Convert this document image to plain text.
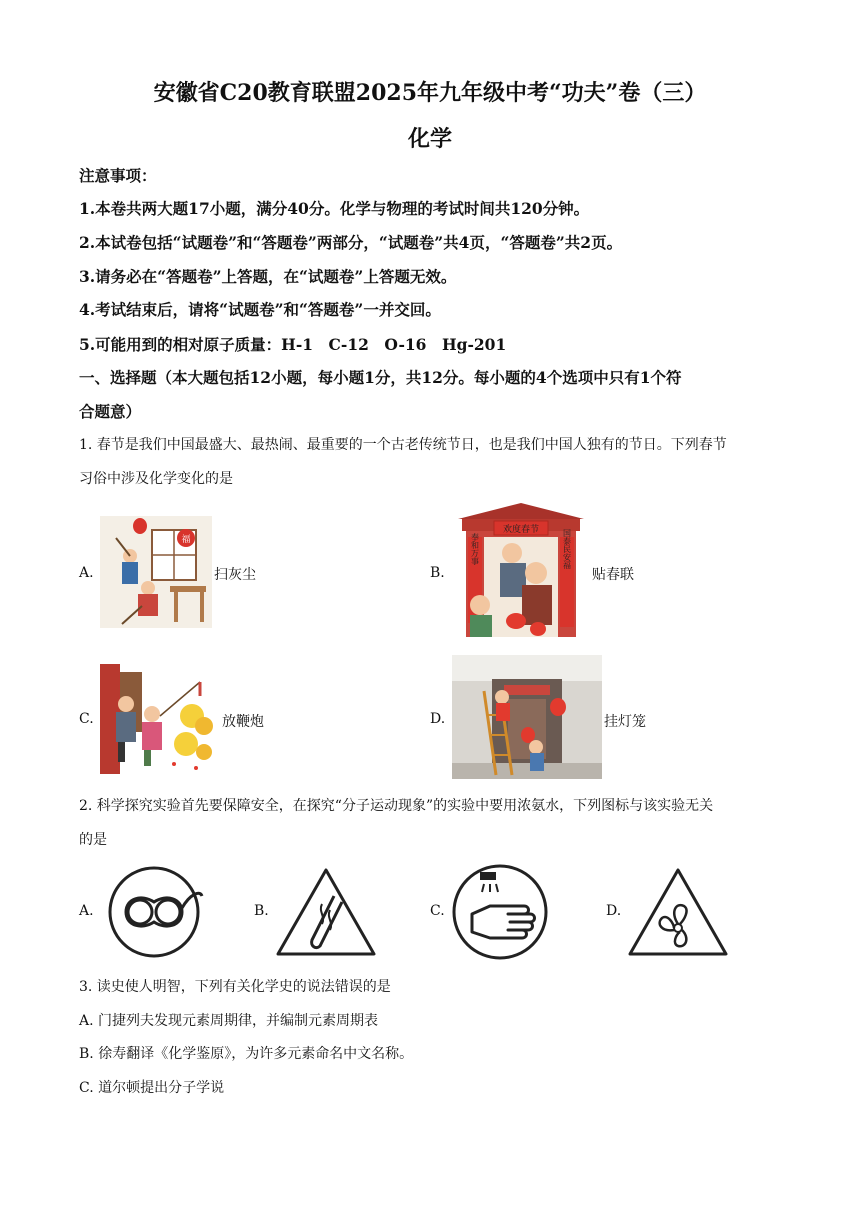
安徽省C20教育联盟2025年九年级中考“功夫”卷（三）
化学
注意事项：
1.本卷共两大题17小题，满分40分。化学与物理的考试时间共120分钟。
2.本试卷包括“试题卷”和“答题卷”两部分，“试题卷”共4页，“答题卷”共2页。
3.请务必在“答题卷”上答题，在“试题卷”上答题无效。
4.考试结束后，请将“试题卷”和“答题卷”一并交回。
5.可能用到的相对原子质量：H-1　C-12　O-16　Hg-201
一、选择题（本大题包括12小题，每小题1分，共12分。每小题的4个选项中只有1个符
合题意）
1. 春节是我们中国最盛大、最热闹、最重要的一个古老传统节日，也是我们中国人独有的节日。下列春节
习俗中涉及化学变化的是
A.
福
扫灰尘	B.
欢度春节
奉和万事	国泰民安福
贴春联
C.	放鞭炮	D.	挂灯笼
2. 科学探究实验首先要保障安全，在探究“分子运动现象”的实验中要用浓氨水，下列图标与该实验无关
的是
A.	B.	C.	D.
3. 读史使人明智，下列有关化学史的说法错误的是
A. 门捷列夫发现元素周期律，并编制元素周期表
B. 徐寿翻译《化学鉴原》，为许多元素命名中文名称。
C. 道尔顿提出分子学说
